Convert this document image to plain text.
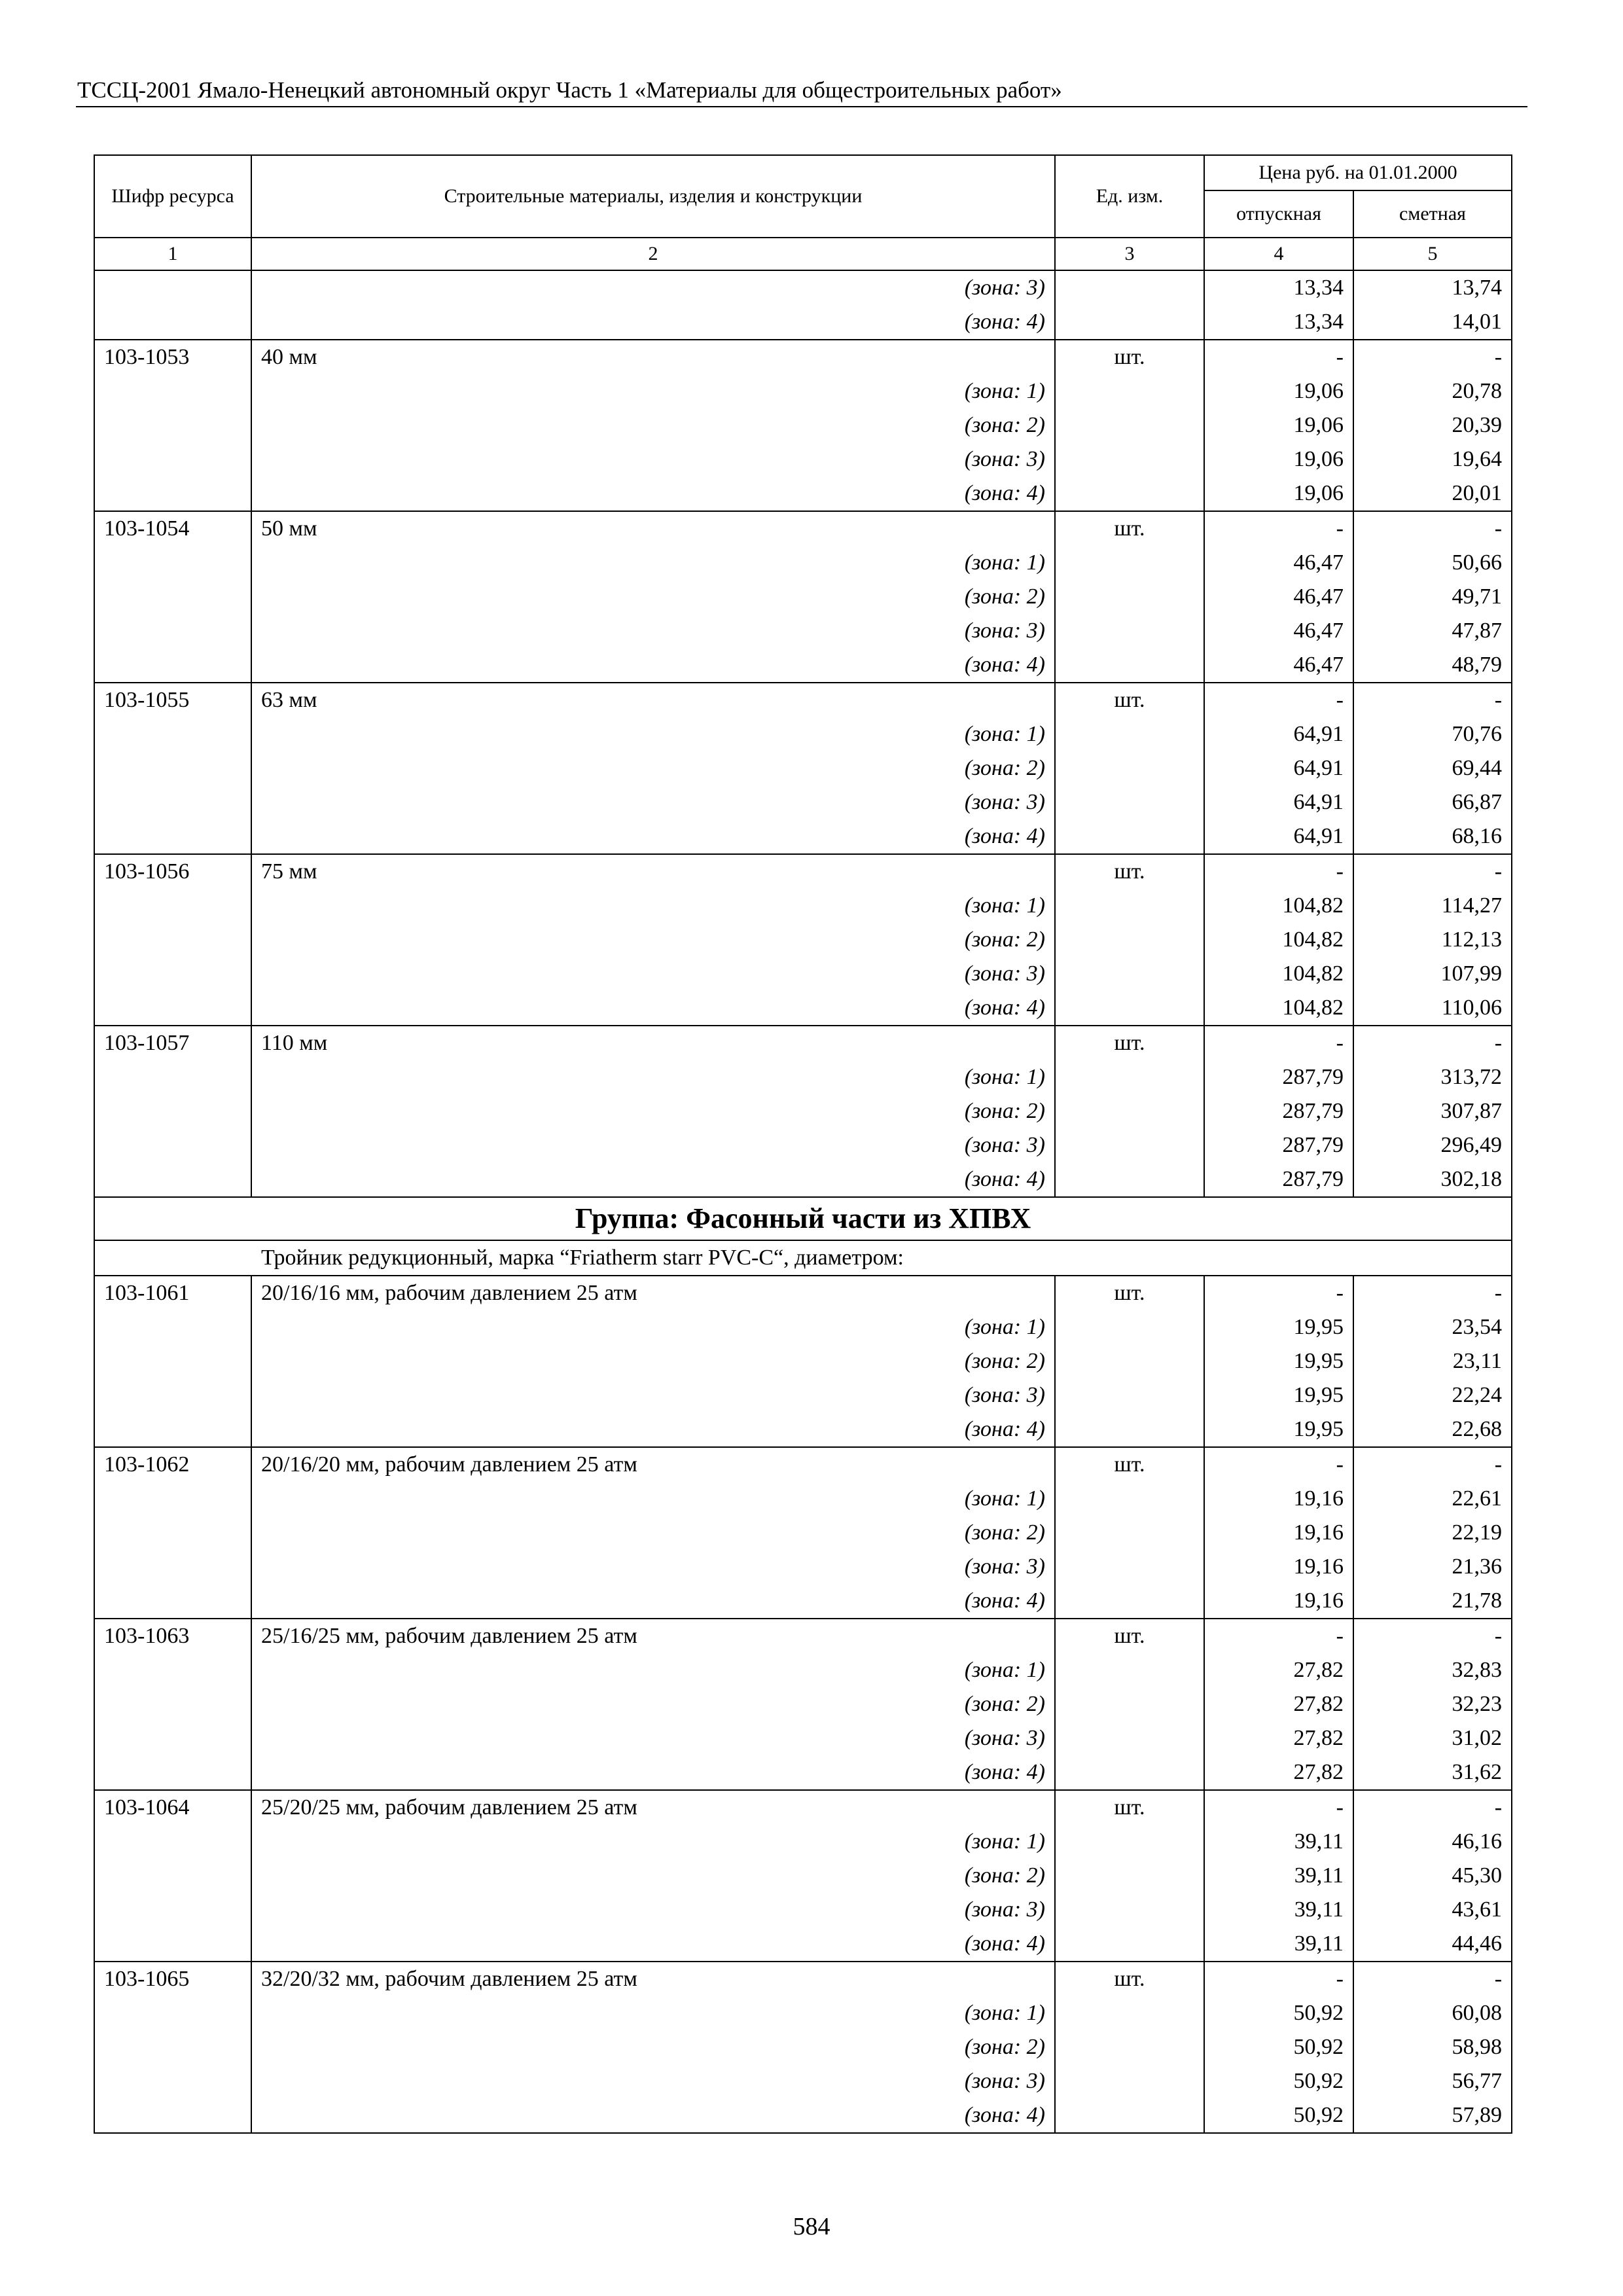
ТССЦ-2001 Ямало-Ненецкий автономный округ Часть 1 «Материалы для общестроительных работ»
Шифр ресурса	Строительные материалы, изделия и конструкции	Ед. изм.	Цена руб. на 01.01.2000	
			отпускная	сметная
1	2	3	4	5
	(зона: 3)		13,34	13,74
	(зона: 4)		13,34	14,01
103-1053	40 мм	шт.	-	-
	(зона: 1)		19,06	20,78
	(зона: 2)		19,06	20,39
	(зона: 3)		19,06	19,64
	(зона: 4)		19,06	20,01
103-1054	50 мм	шт.	-	-
	(зона: 1)		46,47	50,66
	(зона: 2)		46,47	49,71
	(зона: 3)		46,47	47,87
	(зона: 4)		46,47	48,79
103-1055	63 мм	шт.	-	-
	(зона: 1)		64,91	70,76
	(зона: 2)		64,91	69,44
	(зона: 3)		64,91	66,87
	(зона: 4)		64,91	68,16
103-1056	75 мм	шт.	-	-
	(зона: 1)		104,82	114,27
	(зона: 2)		104,82	112,13
	(зона: 3)		104,82	107,99
	(зона: 4)		104,82	110,06
103-1057	110 мм	шт.	-	-
	(зона: 1)		287,79	313,72
	(зона: 2)		287,79	307,87
	(зона: 3)		287,79	296,49
	(зона: 4)		287,79	302,18
Группа: Фасонный части из ХПВХ				
Тройник редукционный, марка “Friatherm starr PVC-C“, диаметром:				
103-1061	20/16/16 мм, рабочим давлением 25 атм	шт.	-	-
	(зона: 1)		19,95	23,54
	(зона: 2)		19,95	23,11
	(зона: 3)		19,95	22,24
	(зона: 4)		19,95	22,68
103-1062	20/16/20 мм, рабочим давлением 25 атм	шт.	-	-
	(зона: 1)		19,16	22,61
	(зона: 2)		19,16	22,19
	(зона: 3)		19,16	21,36
	(зона: 4)		19,16	21,78
103-1063	25/16/25 мм, рабочим давлением 25 атм	шт.	-	-
	(зона: 1)		27,82	32,83
	(зона: 2)		27,82	32,23
	(зона: 3)		27,82	31,02
	(зона: 4)		27,82	31,62
103-1064	25/20/25 мм, рабочим давлением 25 атм	шт.	-	-
	(зона: 1)		39,11	46,16
	(зона: 2)		39,11	45,30
	(зона: 3)		39,11	43,61
	(зона: 4)		39,11	44,46
103-1065	32/20/32 мм, рабочим давлением 25 атм	шт.	-	-
	(зона: 1)		50,92	60,08
	(зона: 2)		50,92	58,98
	(зона: 3)		50,92	56,77
	(зона: 4)		50,92	57,89
584
